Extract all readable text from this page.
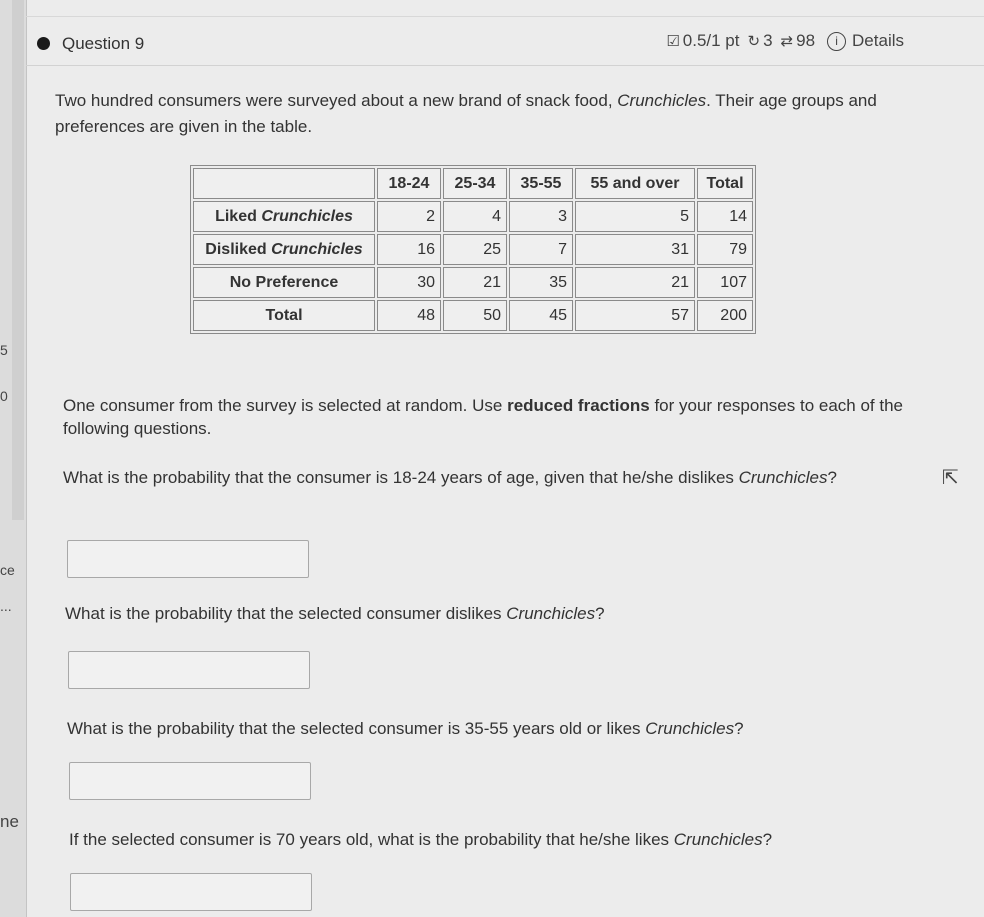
5
0
ce
...
ne
Question 9	☑ 0.5/1 pt ↻ 3 ⇄ 98	i Details
Two hundred consumers were surveyed about a new brand of snack food, Crunchicles. Their age groups and preferences are given in the table.
	18-24	25-34	35-55	55 and over	Total
Liked Crunchicles	2	4	3	5	14
Disliked Crunchicles	16	25	7	31	79
No Preference	30	21	35	21	107
Total	48	50	45	57	200
One consumer from the survey is selected at random. Use reduced fractions for your responses to each of the following questions.
What is the probability that the consumer is 18-24 years of age, given that he/she dislikes Crunchicles?
What is the probability that the selected consumer dislikes Crunchicles?
What is the probability that the selected consumer is 35-55 years old or likes Crunchicles?
If the selected consumer is 70 years old, what is the probability that he/she likes Crunchicles?
⇱
